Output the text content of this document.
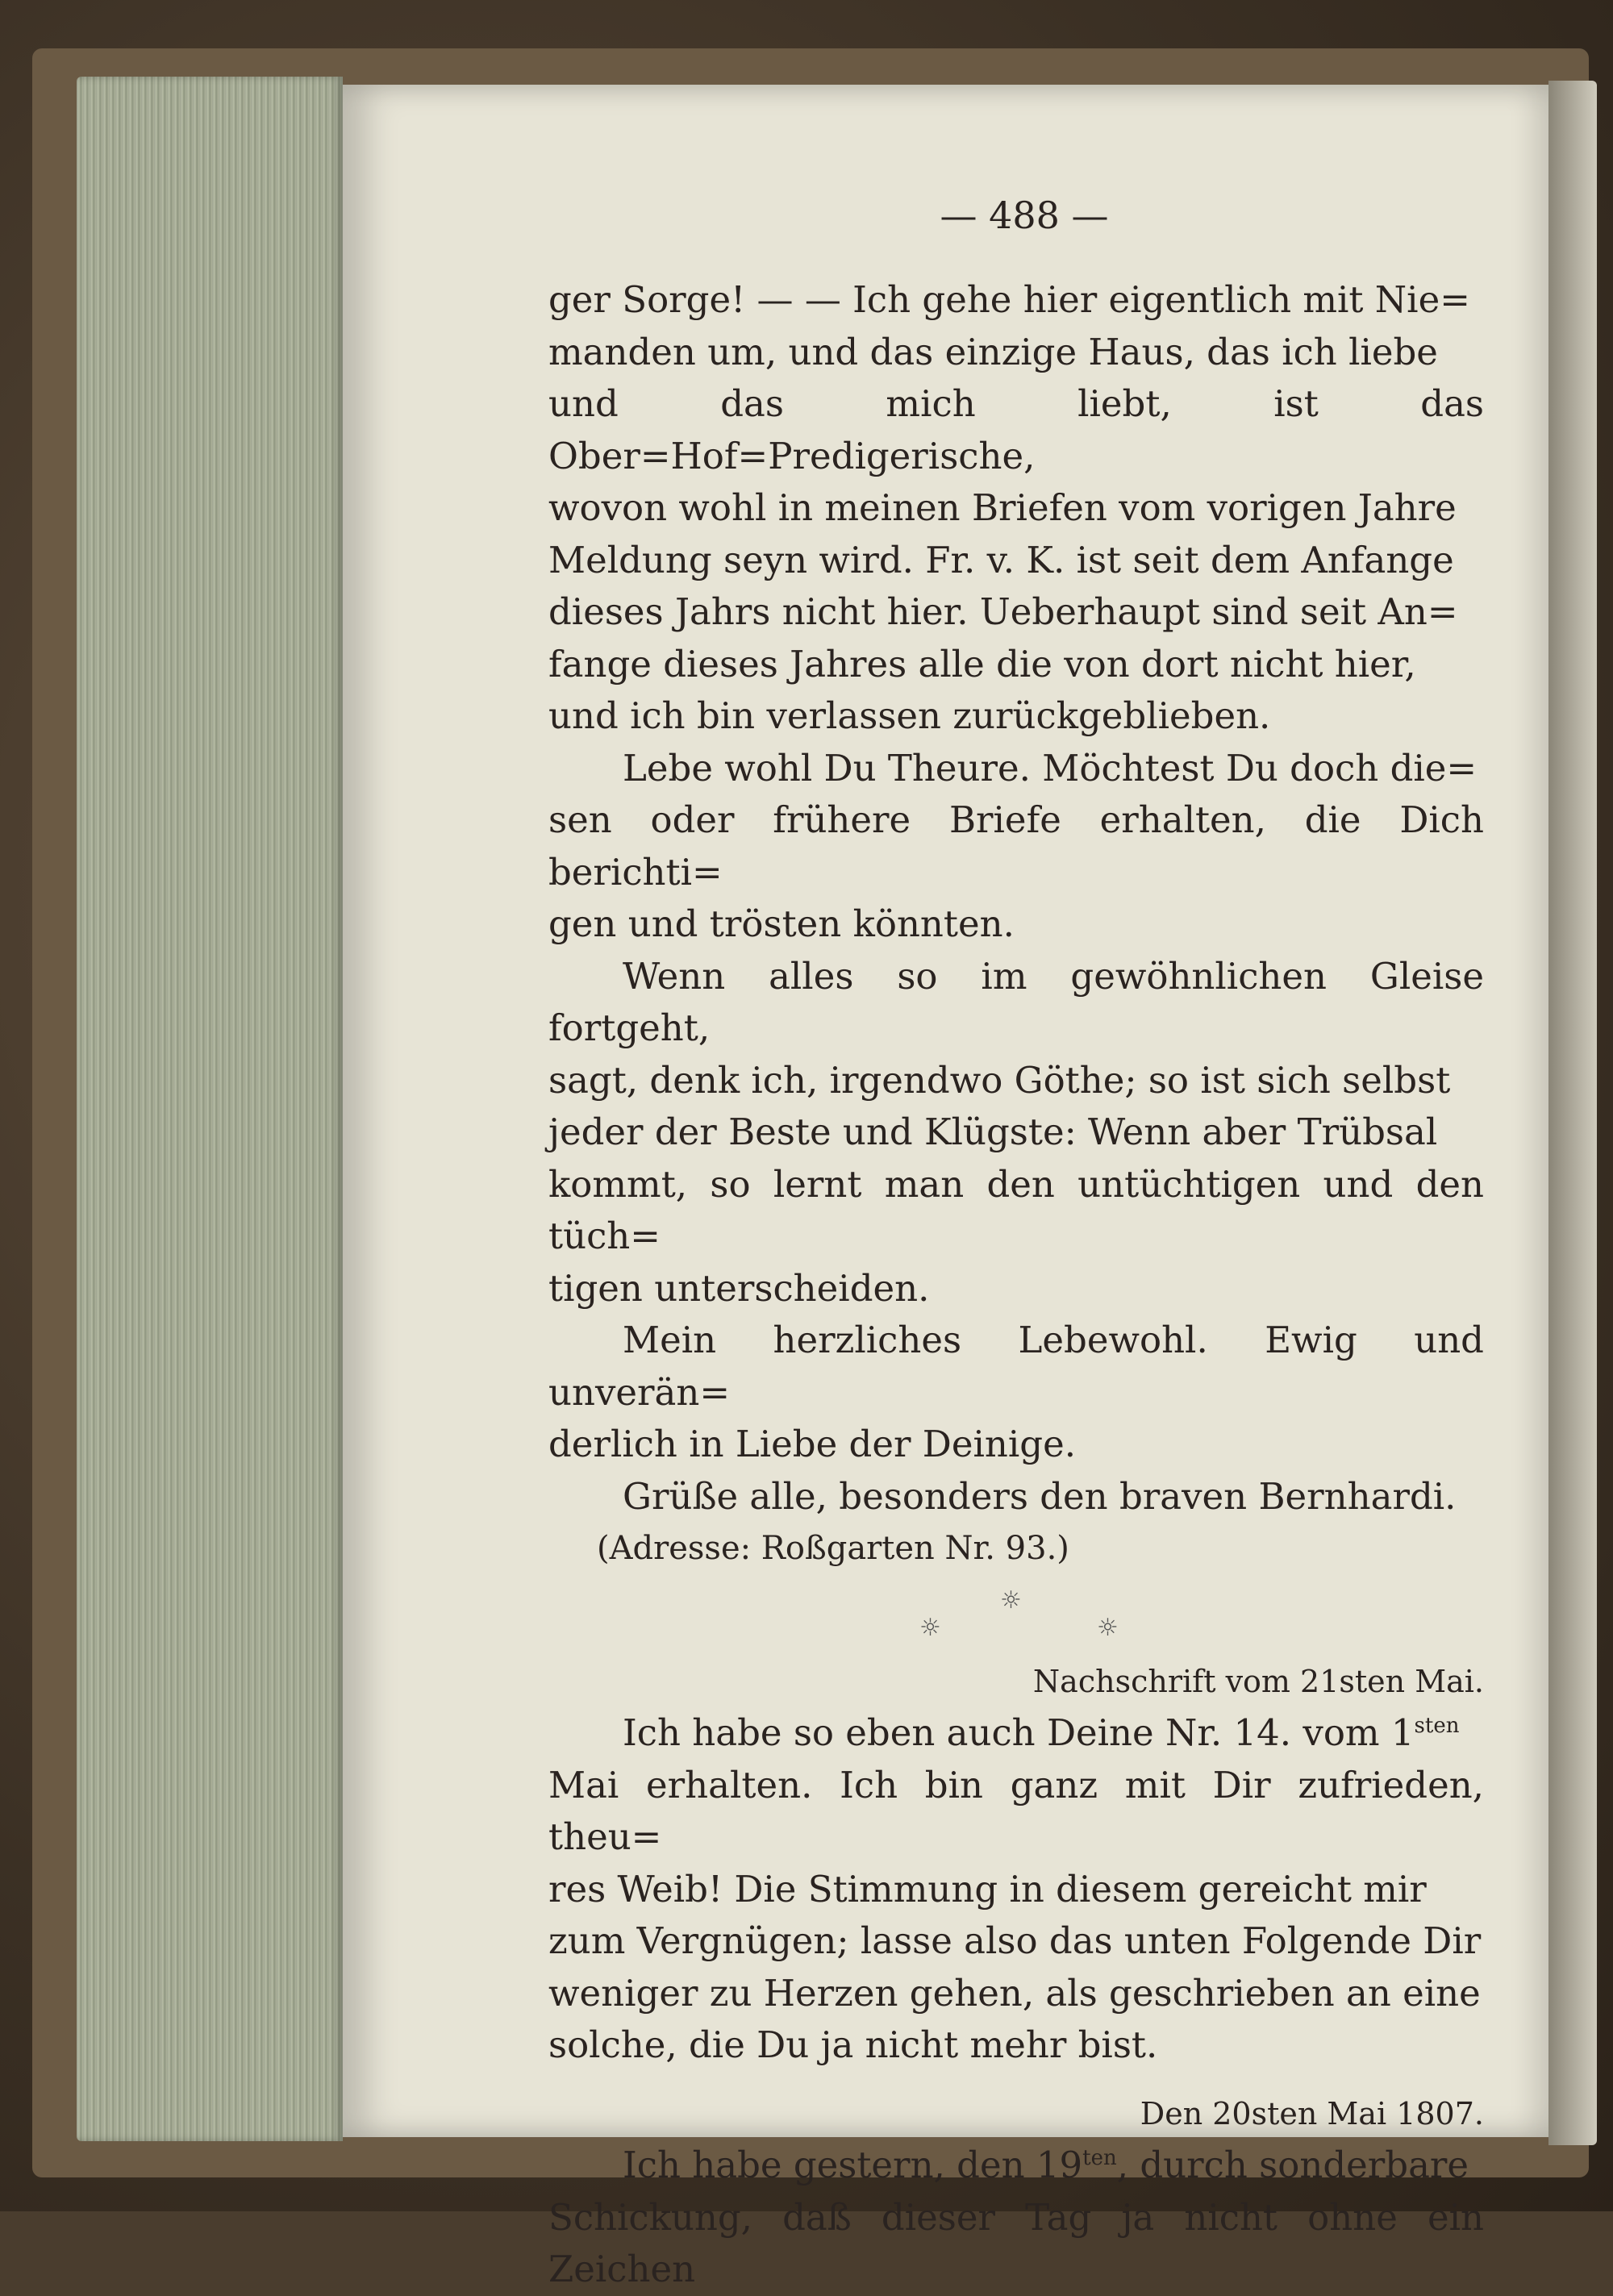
— 488 —

ger Sorge! — — Ich gehe hier eigentlich mit Nie=

manden um, und das einzige Haus, das ich liebe

und das mich liebt, ist das Ober=Hof=Predigerische,

wovon wohl in meinen Briefen vom vorigen Jahre

Meldung seyn wird. Fr. v. K. ist seit dem Anfange

dieses Jahrs nicht hier. Ueberhaupt sind seit An=

fange dieses Jahres alle die von dort nicht hier,

und ich bin verlassen zurückgeblieben.

Lebe wohl Du Theure. Möchtest Du doch die=

sen oder frühere Briefe erhalten, die Dich berichti=

gen und trösten könnten.

Wenn alles so im gewöhnlichen Gleise fortgeht,

sagt, denk ich, irgendwo Göthe; so ist sich selbst

jeder der Beste und Klügste: Wenn aber Trübsal

kommt, so lernt man den untüchtigen und den tüch=

tigen unterscheiden.

Mein herzliches Lebewohl. Ewig und unverän=

derlich in Liebe der Deinige.

Grüße alle, besonders den braven Bernhardi.

(Adresse: Roßgarten Nr. 93.)

☼
☼	☼

Nachschrift vom 21sten Mai.

Ich habe so eben auch Deine Nr. 14. vom $1^{sten}$

Mai erhalten. Ich bin ganz mit Dir zufrieden, theu=

res Weib! Die Stimmung in diesem gereicht mir

zum Vergnügen; lasse also das unten Folgende Dir

weniger zu Herzen gehen, als geschrieben an eine

solche, die Du ja nicht mehr bist.

Den 20sten Mai 1807.

Ich habe gestern, den $19^{ten}$, durch sonderbare

Schickung, daß dieser Tag ja nicht ohne ein Zeichen
